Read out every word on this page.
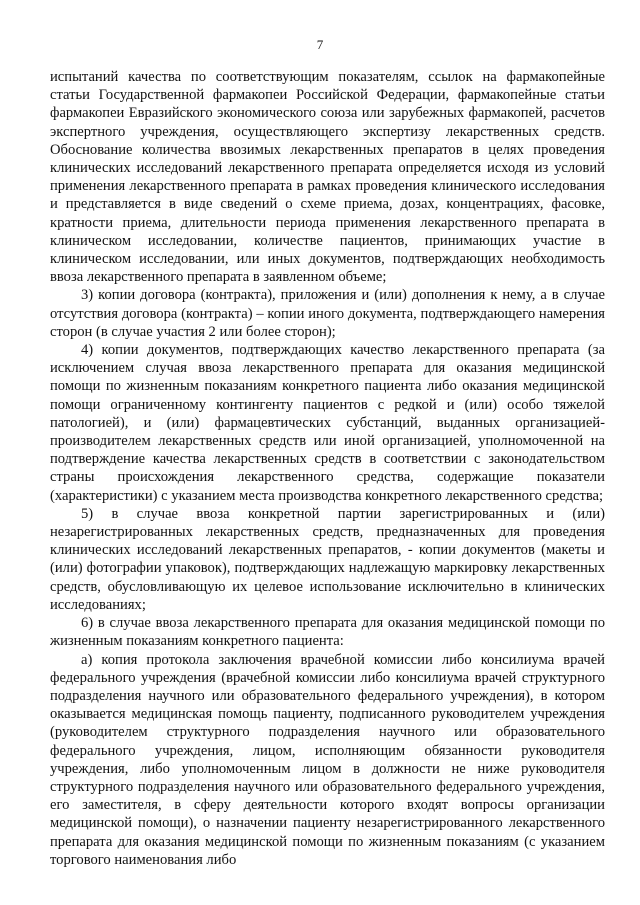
7

испытаний качества по соответствующим показателям, ссылок на фармакопейные статьи Государственной фармакопеи Российской Федерации, фармакопейные статьи фармакопеи Евразийского экономического союза или зарубежных фармакопей, расчетов экспертного учреждения, осуществляющего экспертизу лекарственных средств. Обоснование количества ввозимых лекарственных препаратов в целях проведения клинических исследований лекарственного препарата определяется исходя из условий применения лекарственного препарата в рамках проведения клинического исследования и представляется в виде сведений о схеме приема, дозах, концентрациях, фасовке, кратности приема, длительности периода применения лекарственного препарата в клиническом исследовании, количестве пациентов, принимающих участие в клиническом исследовании, или иных документов, подтверждающих необходимость ввоза лекарственного препарата в заявленном объеме;

3) копии договора (контракта), приложения и (или) дополнения к нему, а в случае отсутствия договора (контракта) – копии иного документа, подтверждающего намерения сторон (в случае участия 2 или более сторон);

4) копии документов, подтверждающих качество лекарственного препарата (за исключением случая ввоза лекарственного препарата для оказания медицинской помощи по жизненным показаниям конкретного пациента либо оказания медицинской помощи ограниченному контингенту пациентов с редкой и (или) особо тяжелой патологией), и (или) фармацевтических субстанций, выданных организацией-производителем лекарственных средств или иной организацией, уполномоченной на подтверждение качества лекарственных средств в соответствии с законодательством страны происхождения лекарственного средства, содержащие показатели (характеристики) с указанием места производства конкретного лекарственного средства;

5) в случае ввоза конкретной партии зарегистрированных и (или) незарегистрированных лекарственных средств, предназначенных для проведения клинических исследований лекарственных препаратов, - копии документов (макеты и (или) фотографии упаковок), подтверждающих надлежащую маркировку лекарственных средств, обусловливающую их целевое использование исключительно в клинических исследованиях;

6) в случае ввоза лекарственного препарата для оказания медицинской помощи по жизненным показаниям конкретного пациента:

а) копия протокола заключения врачебной комиссии либо консилиума врачей федерального учреждения (врачебной комиссии либо консилиума врачей структурного подразделения научного или образовательного федерального учреждения), в котором оказывается медицинская помощь пациенту, подписанного руководителем учреждения (руководителем структурного подразделения научного или образовательного федерального учреждения, лицом, исполняющим обязанности руководителя учреждения, либо уполномоченным лицом в должности не ниже руководителя структурного подразделения научного или образовательного федерального учреждения, его заместителя, в сферу деятельности которого входят вопросы организации медицинской помощи), о назначении пациенту незарегистрированного лекарственного препарата для оказания медицинской помощи по жизненным показаниям (с указанием торгового наименования либо
